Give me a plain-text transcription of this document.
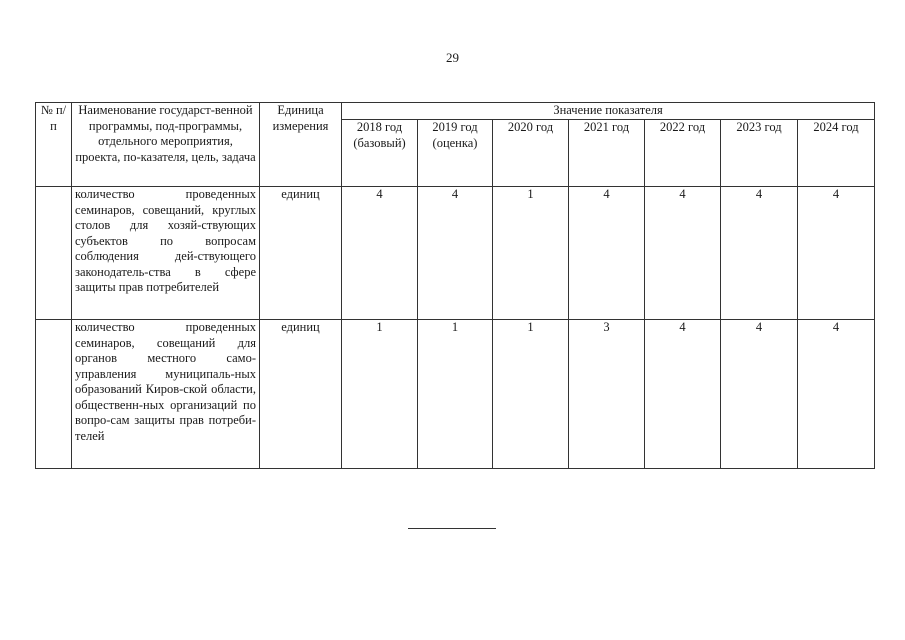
29
№ п/п	Наименование государст-венной программы, под-программы, отдельного мероприятия, проекта, по-казателя, цель, задача	Единица измерения	Значение показателя						
			2018 год (базовый)	2019 год (оценка)	2020 год	2021 год	2022 год	2023 год	2024 год
	количество проведенных семинаров, совещаний, круглых столов для хозяй-ствующих субъектов по вопросам соблюдения дей-ствующего законодатель-ства в сфере защиты прав потребителей	единиц	4	4	1	4	4	4	4
	количество проведенных семинаров, совещаний для органов местного само-управления муниципаль-ных образований Киров-ской области, общественн-ных организаций по вопро-сам защиты прав потреби-телей	единиц	1	1	1	3	4	4	4
